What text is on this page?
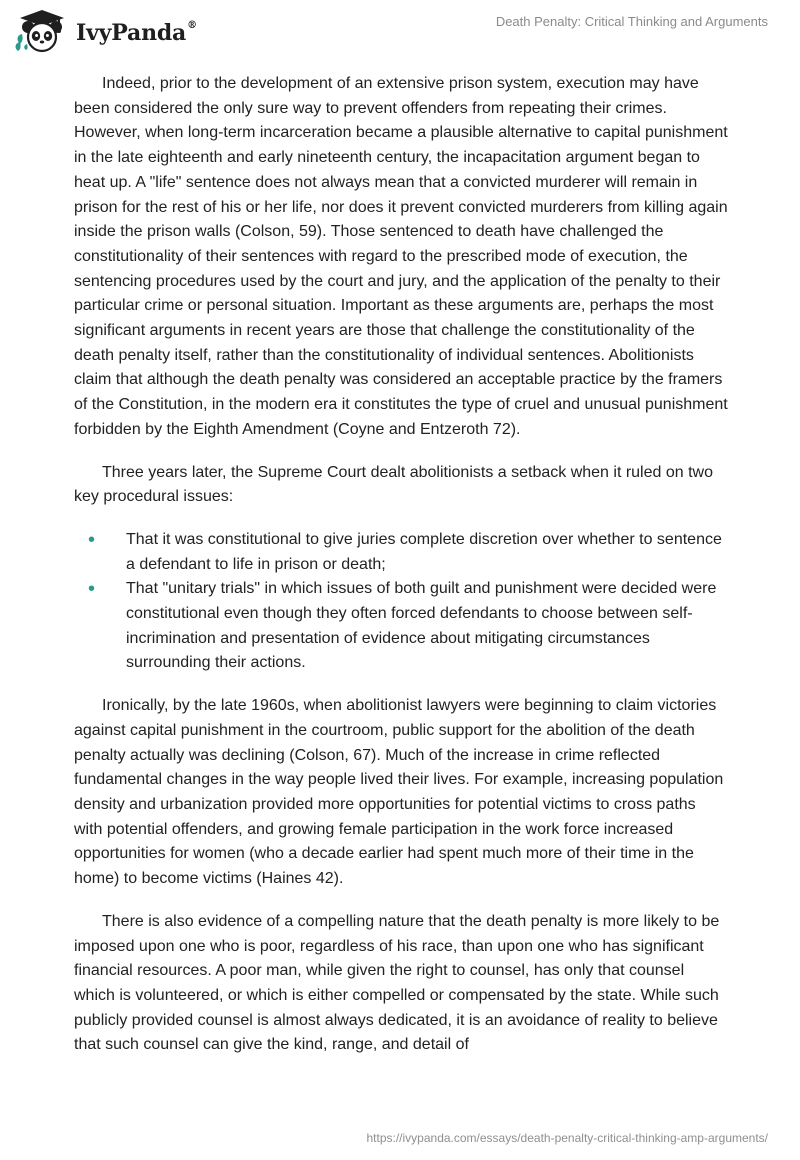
IvyPanda®	Death Penalty: Critical Thinking and Arguments

Indeed, prior to the development of an extensive prison system, execution may have been considered the only sure way to prevent offenders from repeating their crimes. However, when long-term incarceration became a plausible alternative to capital punishment in the late eighteenth and early nineteenth century, the incapacitation argument began to heat up. A "life" sentence does not always mean that a convicted murderer will remain in prison for the rest of his or her life, nor does it prevent convicted murderers from killing again inside the prison walls (Colson, 59). Those sentenced to death have challenged the constitutionality of their sentences with regard to the prescribed mode of execution, the sentencing procedures used by the court and jury, and the application of the penalty to their particular crime or personal situation. Important as these arguments are, perhaps the most significant arguments in recent years are those that challenge the constitutionality of the death penalty itself, rather than the constitutionality of individual sentences. Abolitionists claim that although the death penalty was considered an acceptable practice by the framers of the Constitution, in the modern era it constitutes the type of cruel and unusual punishment forbidden by the Eighth Amendment (Coyne and Entzeroth 72).

Three years later, the Supreme Court dealt abolitionists a setback when it ruled on two key procedural issues:

• That it was constitutional to give juries complete discretion over whether to sentence a defendant to life in prison or death;
• That "unitary trials" in which issues of both guilt and punishment were decided were constitutional even though they often forced defendants to choose between self-incrimination and presentation of evidence about mitigating circumstances surrounding their actions.

Ironically, by the late 1960s, when abolitionist lawyers were beginning to claim victories against capital punishment in the courtroom, public support for the abolition of the death penalty actually was declining (Colson, 67). Much of the increase in crime reflected fundamental changes in the way people lived their lives. For example, increasing population density and urbanization provided more opportunities for potential victims to cross paths with potential offenders, and growing female participation in the work force increased opportunities for women (who a decade earlier had spent much more of their time in the home) to become victims (Haines 42).

There is also evidence of a compelling nature that the death penalty is more likely to be imposed upon one who is poor, regardless of his race, than upon one who has significant financial resources. A poor man, while given the right to counsel, has only that counsel which is volunteered, or which is either compelled or compensated by the state. While such publicly provided counsel is almost always dedicated, it is an avoidance of reality to believe that such counsel can give the kind, range, and detail of

https://ivypanda.com/essays/death-penalty-critical-thinking-amp-arguments/
